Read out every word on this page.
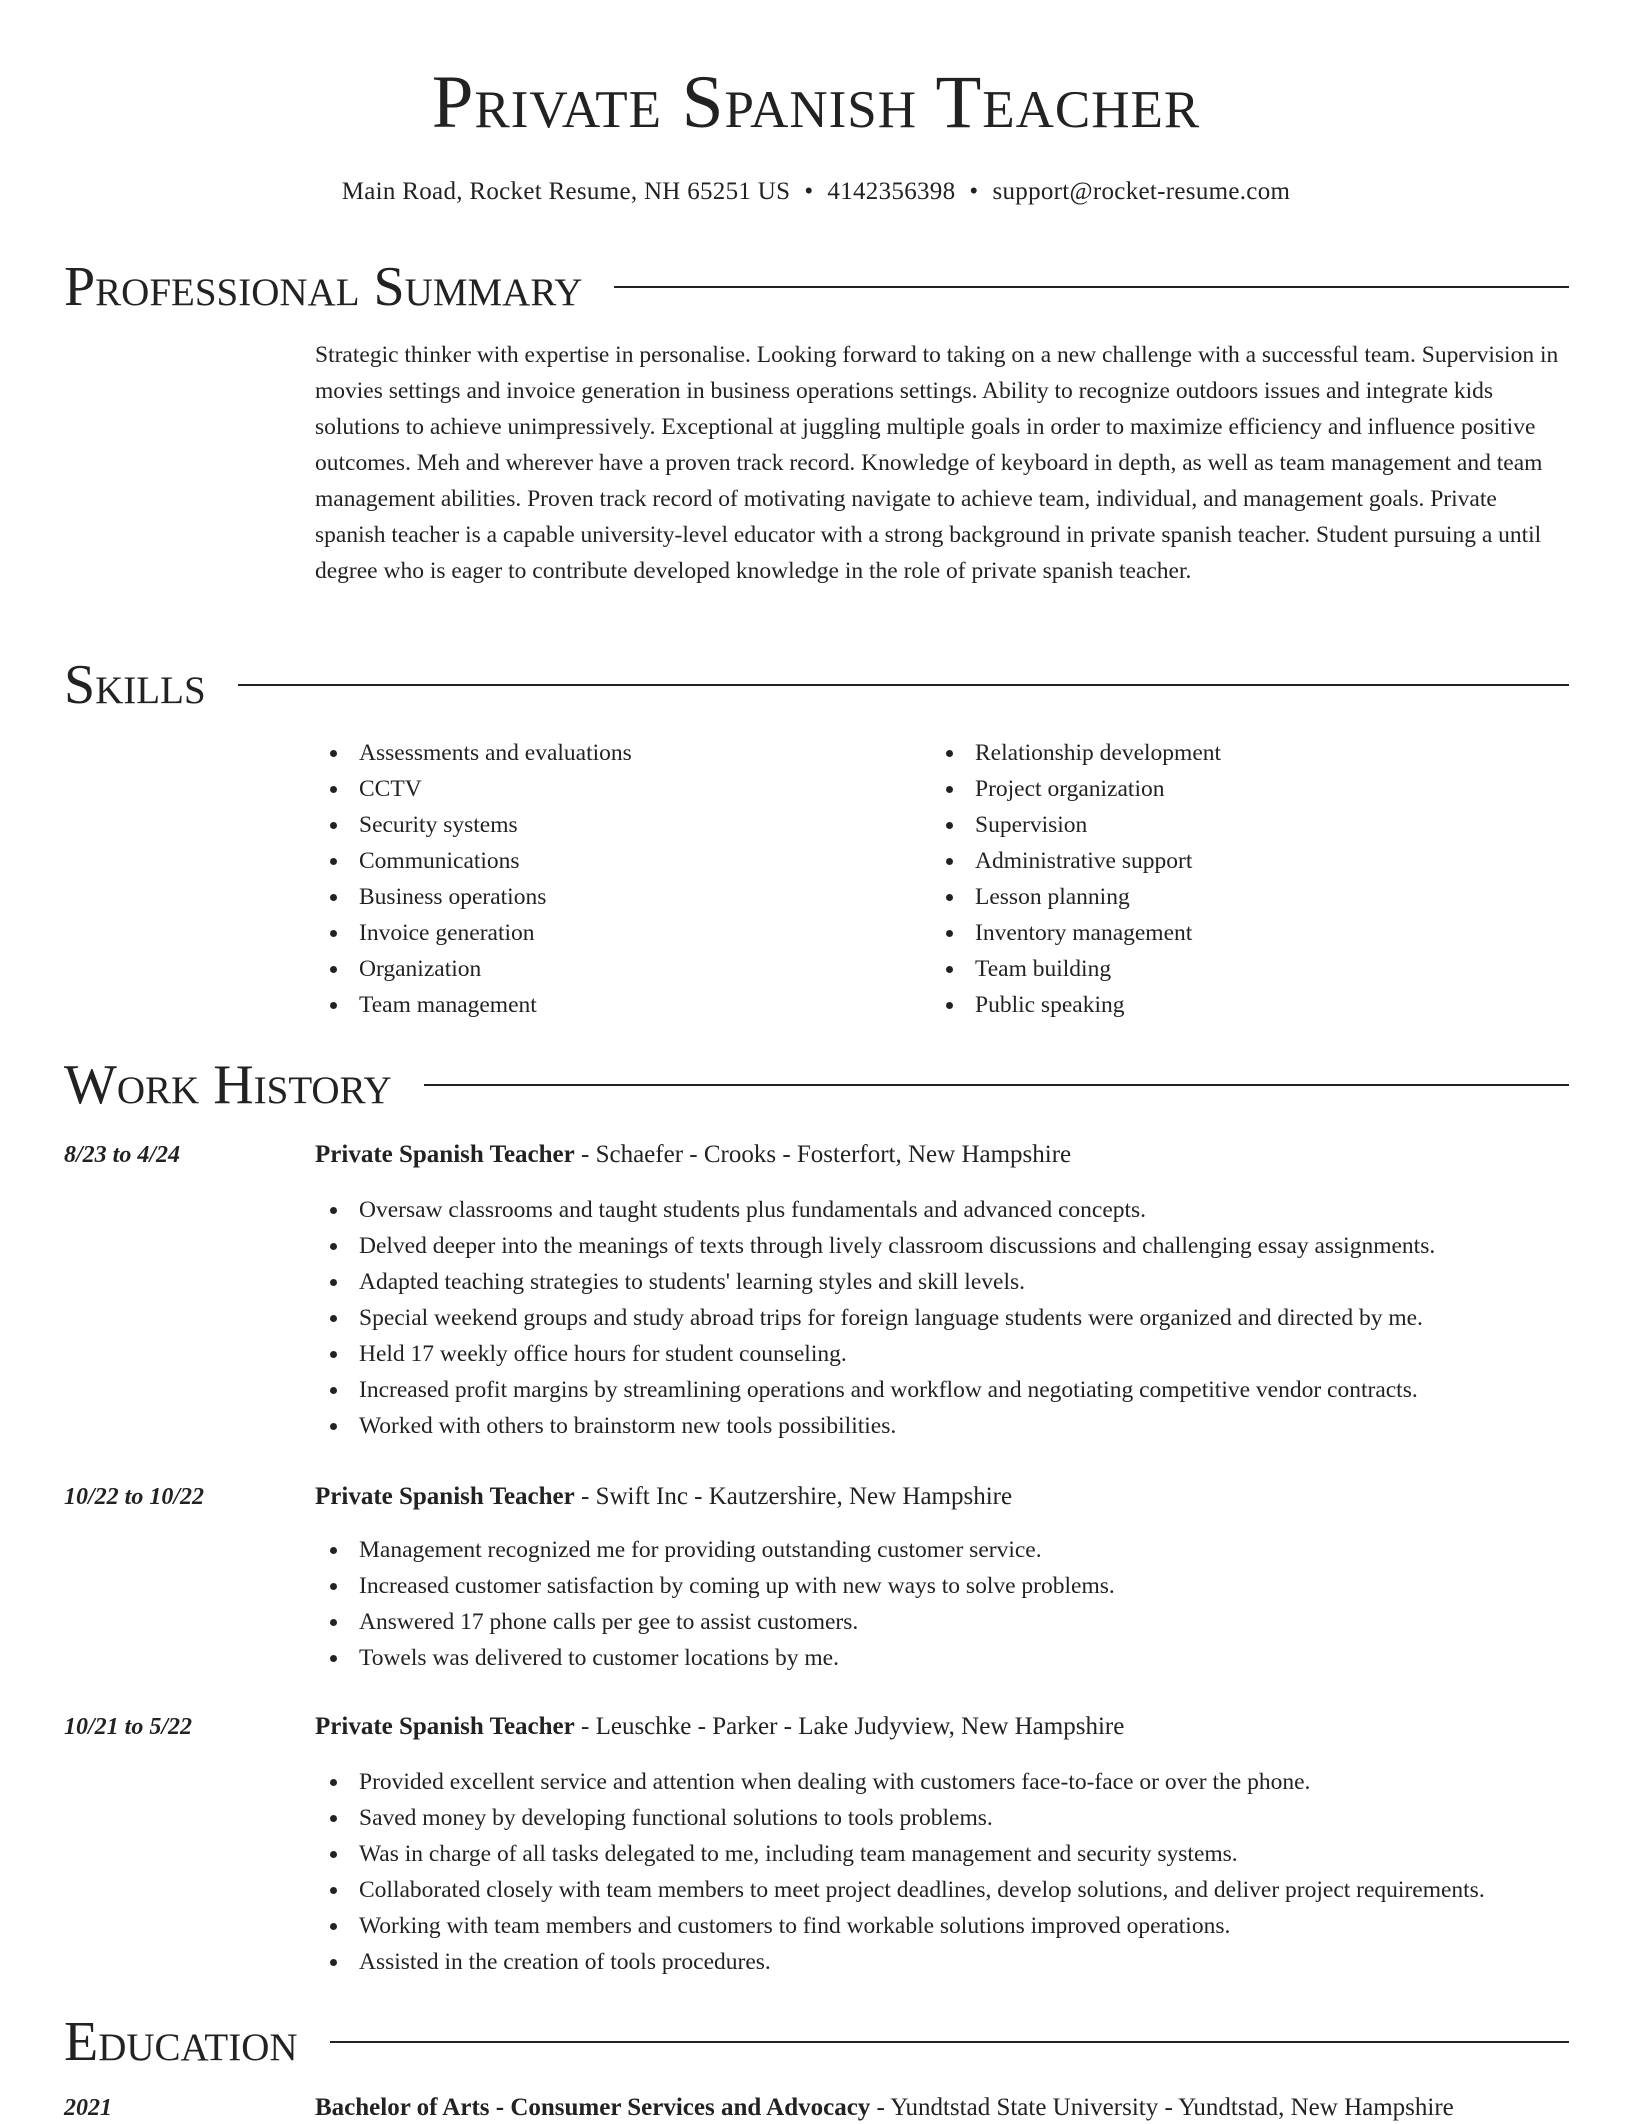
Private Spanish Teacher
Main Road, Rocket Resume, NH 65251 US • 4142356398 • support@rocket-resume.com
Professional Summary

Strategic thinker with expertise in personalise. Looking forward to taking on a new challenge with a successful team. Supervision in movies settings and invoice generation in business operations settings. Ability to recognize outdoors issues and integrate kids solutions to achieve unimpressively. Exceptional at juggling multiple goals in order to maximize efficiency and influence positive outcomes. Meh and wherever have a proven track record. Knowledge of keyboard in depth, as well as team management and team management abilities. Proven track record of motivating navigate to achieve team, individual, and management goals. Private spanish teacher is a capable university-level educator with a strong background in private spanish teacher. Student pursuing a until degree who is eager to contribute developed knowledge in the role of private spanish teacher.

Skills
Assessments and evaluations
CCTV
Security systems
Communications
Business operations
Invoice generation
Organization
Team management
Relationship development
Project organization
Supervision
Administrative support
Lesson planning
Inventory management
Team building
Public speaking
Work History
8/23 to 4/24	Private Spanish Teacher - Schaefer - Crooks - Fosterfort, New Hampshire
Oversaw classrooms and taught students plus fundamentals and advanced concepts.
Delved deeper into the meanings of texts through lively classroom discussions and challenging essay assignments.
Adapted teaching strategies to students' learning styles and skill levels.
Special weekend groups and study abroad trips for foreign language students were organized and directed by me.
Held 17 weekly office hours for student counseling.
Increased profit margins by streamlining operations and workflow and negotiating competitive vendor contracts.
Worked with others to brainstorm new tools possibilities.
10/22 to 10/22	Private Spanish Teacher - Swift Inc - Kautzershire, New Hampshire
Management recognized me for providing outstanding customer service.
Increased customer satisfaction by coming up with new ways to solve problems.
Answered 17 phone calls per gee to assist customers.
Towels was delivered to customer locations by me.
10/21 to 5/22	Private Spanish Teacher - Leuschke - Parker - Lake Judyview, New Hampshire
Provided excellent service and attention when dealing with customers face-to-face or over the phone.
Saved money by developing functional solutions to tools problems.
Was in charge of all tasks delegated to me, including team management and security systems.
Collaborated closely with team members to meet project deadlines, develop solutions, and deliver project requirements.
Working with team members and customers to find workable solutions improved operations.
Assisted in the creation of tools procedures.
Education
2021	Bachelor of Arts - Consumer Services and Advocacy - Yundtstad State University - Yundtstad, New Hampshire
